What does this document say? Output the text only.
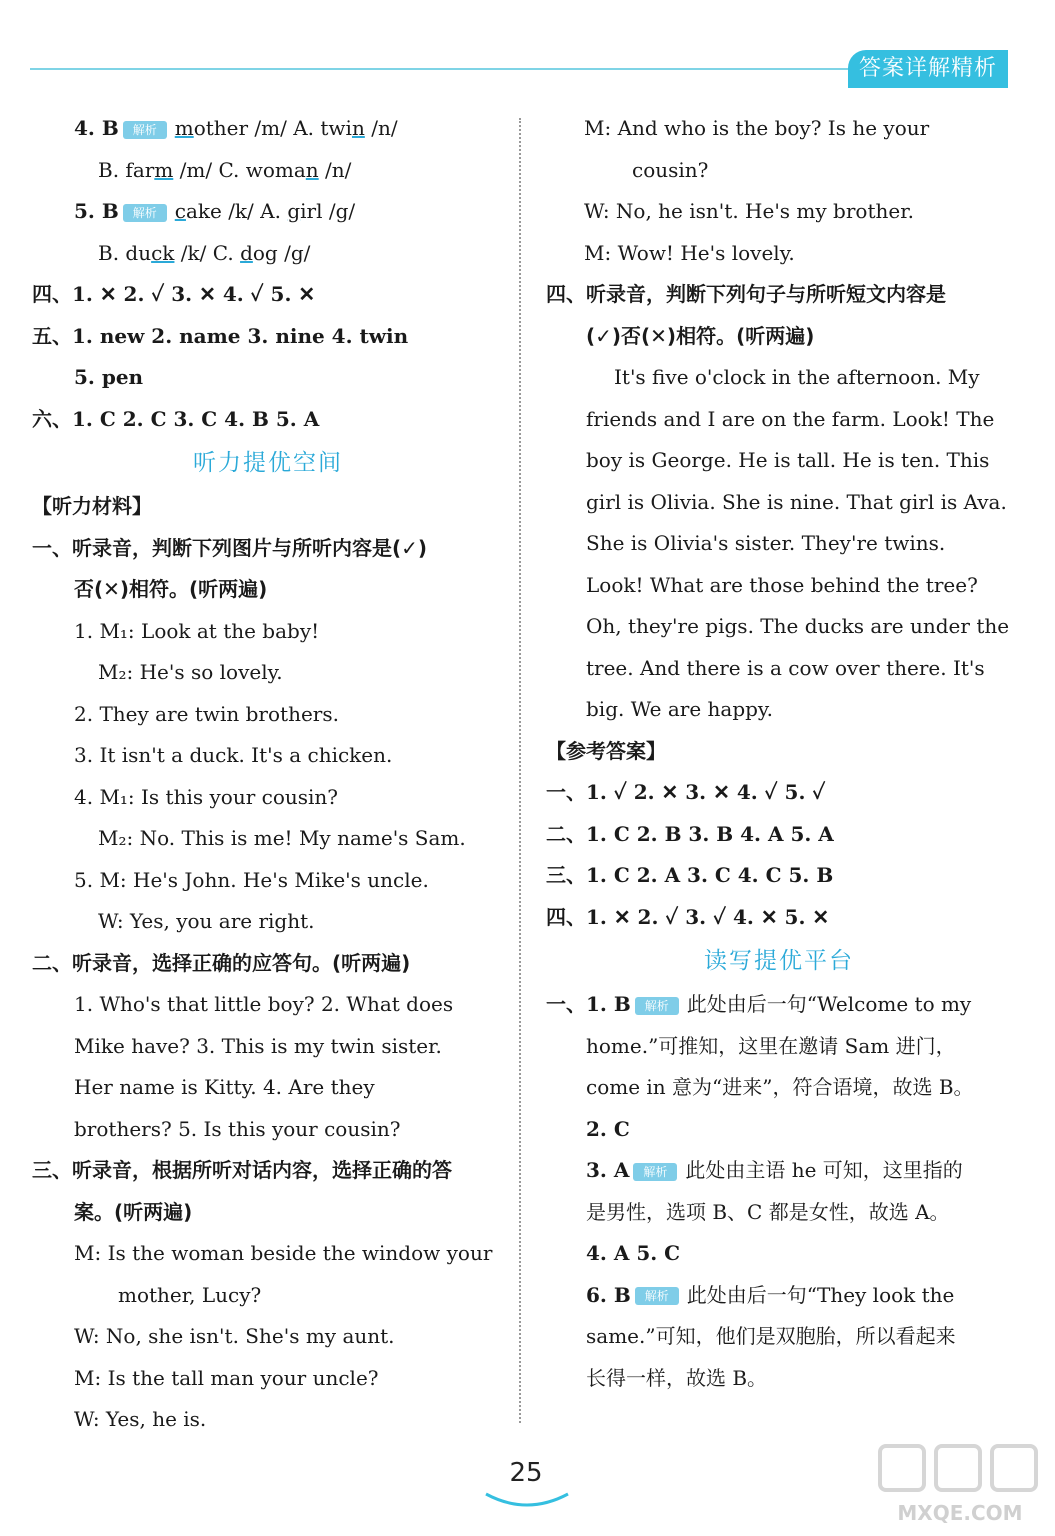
答案详解精析
4. B 解析 mother /m/ A. twin /n/
B. farm /m/ C. woman /n/
5. B 解析 cake /k/ A. girl /g/
B. duck /k/ C. dog /g/
四、1. ✕ 2. ✓ 3. ✕ 4. ✓ 5. ✕
五、1. new 2. name 3. nine 4. twin
5. pen
六、1. C 2. C 3. C 4. B 5. A
听力提优空间
【听力材料】
一、听录音，判断下列图片与所听内容是(✓)
否(✕)相符。(听两遍)
1. M₁: Look at the baby!
M₂: He's so lovely.
2. They are twin brothers.
3. It isn't a duck. It's a chicken.
4. M₁: Is this your cousin?
M₂: No. This is me! My name's Sam.
5. M: He's John. He's Mike's uncle.
W: Yes, you are right.
二、听录音，选择正确的应答句。(听两遍)
1. Who's that little boy? 2. What does
Mike have? 3. This is my twin sister.
Her name is Kitty. 4. Are they
brothers? 5. Is this your cousin?
三、听录音，根据所听对话内容，选择正确的答
案。(听两遍)
M: Is the woman beside the window your
mother, Lucy?
W: No, she isn't. She's my aunt.
M: Is the tall man your uncle?
W: Yes, he is.
M: And who is the boy? Is he your
cousin?
W: No, he isn't. He's my brother.
M: Wow! He's lovely.
四、听录音，判断下列句子与所听短文内容是
(✓)否(✕)相符。(听两遍)
It's five o'clock in the afternoon. My
friends and I are on the farm. Look! The
boy is George. He is tall. He is ten. This
girl is Olivia. She is nine. That girl is Ava.
She is Olivia's sister. They're twins.
Look! What are those behind the tree?
Oh, they're pigs. The ducks are under the
tree. And there is a cow over there. It's
big. We are happy.
【参考答案】
一、1. ✓ 2. ✕ 3. ✕ 4. ✓ 5. ✓
二、1. C 2. B 3. B 4. A 5. A
三、1. C 2. A 3. C 4. C 5. B
四、1. ✕ 2. ✓ 3. ✓ 4. ✕ 5. ✕
读写提优平台
一、1. B 解析 此处由后一句“Welcome to my
home.”可推知，这里在邀请 Sam 进门，
come in 意为“进来”，符合语境，故选 B。
2. C
3. A 解析 此处由主语 he 可知，这里指的
是男性，选项 B、C 都是女性，故选 A。
4. A 5. C
6. B 解析 此处由后一句“They look the
same.”可知，他们是双胞胎，所以看起来
长得一样，故选 B。
25
MXQE.COM
